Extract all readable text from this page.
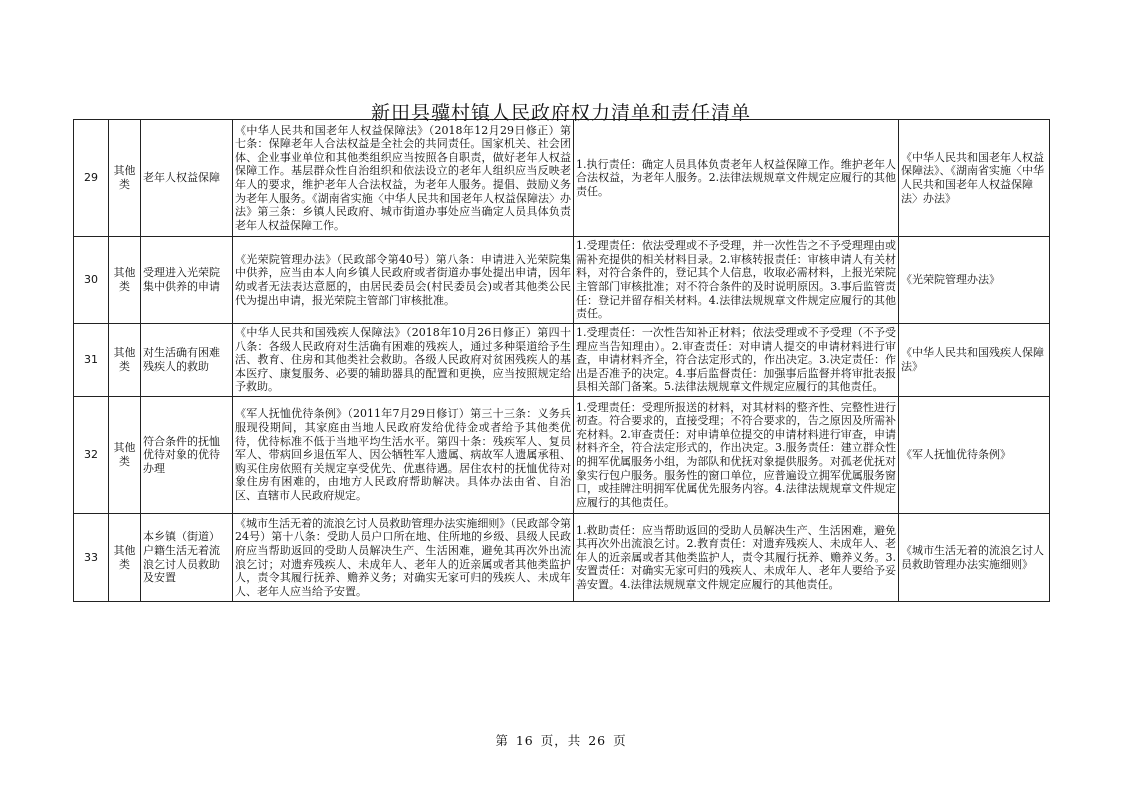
新田县骥村镇人民政府权力清单和责任清单
29	其他类	老年人权益保障	《中华人民共和国老年人权益保障法》（2018年12月29日修正）第七条：保障老年人合法权益是全社会的共同责任。国家机关、社会团体、企业事业单位和其他类组织应当按照各自职责，做好老年人权益保障工作。基层群众性自治组织和依法设立的老年人组织应当反映老年人的要求，维护老年人合法权益，为老年人服务。提倡、鼓励义务为老年人服务。《湖南省实施〈中华人民共和国老年人权益保障法〉办法》第三条：乡镇人民政府、城市街道办事处应当确定人员具体负责老年人权益保障工作。	1.执行责任：确定人员具体负责老年人权益保障工作。维护老年人合法权益，为老年人服务。2.法律法规规章文件规定应履行的其他责任。	《中华人民共和国老年人权益保障法》、《湖南省实施〈中华人民共和国老年人权益保障法〉办法》
30	其他类	受理进入光荣院集中供养的申请	《光荣院管理办法》（民政部令第40号）第八条：申请进入光荣院集中供养，应当由本人向乡镇人民政府或者街道办事处提出申请，因年幼或者无法表达意愿的，由居民委员会(村民委员会)或者其他类公民代为提出申请，报光荣院主管部门审核批准。	1.受理责任：依法受理或不予受理，并一次性告之不予受理理由或需补充提供的相关材料目录。2.审核转报责任：审核申请人有关材料，对符合条件的，登记其个人信息，收取必需材料，上报光荣院主管部门审核批准；对不符合条件的及时说明原因。3.事后监管责任：登记并留存相关材料。4.法律法规规章文件规定应履行的其他责任。	《光荣院管理办法》
31	其他类	对生活确有困难残疾人的救助	《中华人民共和国残疾人保障法》（2018年10月26日修正）第四十八条：各级人民政府对生活确有困难的残疾人，通过多种渠道给予生活、教育、住房和其他类社会救助。各级人民政府对贫困残疾人的基本医疗、康复服务、必要的辅助器具的配置和更换，应当按照规定给予救助。	1.受理责任：一次性告知补正材料；依法受理或不予受理（不予受理应当告知理由）。2.审查责任：对申请人提交的申请材料进行审查，申请材料齐全，符合法定形式的，作出决定。3.决定责任：作出是否准予的决定。4.事后监督责任：加强事后监督并将审批表报县相关部门备案。5.法律法规规章文件规定应履行的其他责任。	《中华人民共和国残疾人保障法》
32	其他类	符合条件的抚恤优待对象的优待办理	《军人抚恤优待条例》（2011年7月29日修订）第三十三条：义务兵服现役期间，其家庭由当地人民政府发给优待金或者给予其他类优待，优待标准不低于当地平均生活水平。第四十条：残疾军人、复员军人、带病回乡退伍军人、因公牺牲军人遗属、病故军人遗属承租、购买住房依照有关规定享受优先、优惠待遇。居住农村的抚恤优待对象住房有困难的，由地方人民政府帮助解决。具体办法由省、自治区、直辖市人民政府规定。	1.受理责任：受理所报送的材料，对其材料的整齐性、完整性进行初查。符合要求的，直接受理；不符合要求的，告之原因及所需补充材料。2.审查责任：对申请单位提交的申请材料进行审查，申请材料齐全，符合法定形式的，作出决定。3.服务责任：建立群众性的拥军优属服务小组，为部队和优抚对象提供服务。对孤老优抚对象实行包户服务。服务性的窗口单位，应普遍设立拥军优属服务窗口，或挂牌注明拥军优属优先服务内容。4.法律法规规章文件规定应履行的其他责任。	《军人抚恤优待条例》
33	其他类	本乡镇（街道）户籍生活无着流浪乞讨人员救助及安置	《城市生活无着的流浪乞讨人员救助管理办法实施细则》（民政部令第24号）第十八条：受助人员户口所在地、住所地的乡级、县级人民政府应当帮助返回的受助人员解决生产、生活困难，避免其再次外出流浪乞讨；对遗弃残疾人、未成年人、老年人的近亲属或者其他类监护人，责令其履行抚养、赡养义务；对确实无家可归的残疾人、未成年人、老年人应当给予安置。	1.救助责任：应当帮助返回的受助人员解决生产、生活困难，避免其再次外出流浪乞讨。2.教育责任：对遗弃残疾人、未成年人、老年人的近亲属或者其他类监护人，责令其履行抚养、赡养义务。3.安置责任：对确实无家可归的残疾人、未成年人、老年人要给予妥善安置。4.法律法规规章文件规定应履行的其他责任。	《城市生活无着的流浪乞讨人员救助管理办法实施细则》
第 16 页，共 26 页
